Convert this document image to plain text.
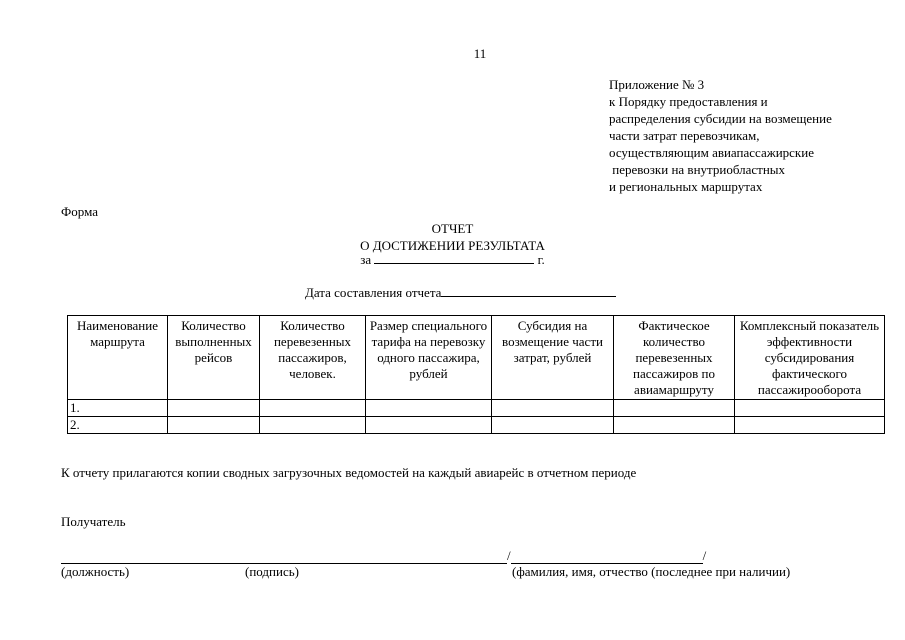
11
Приложение № 3
к Порядку предоставления и
распределения субсидии на возмещение
части затрат перевозчикам,
осуществляющим авиапассажирские
перевозки на внутриобластных
и региональных маршрутах
Форма
ОТЧЕТ
О ДОСТИЖЕНИИ РЕЗУЛЬТАТА
за	г.
Дата составления отчета
Наименование маршрута	Количество выполненных рейсов	Количество перевезенных пассажиров, человек.	Размер специального тарифа на перевозку одного пассажира, рублей	Субсидия на возмещение части затрат, рублей	Фактическое количество перевезенных пассажиров по авиамаршруту	Комплексный показатель эффективности субсидирования фактического пассажирооборота
1.						
2.						
К отчету прилагаются копии сводных загрузочных ведомостей на каждый авиарейс в отчетном периоде
Получатель
/	/
(должность)	(подпись)	(фамилия, имя, отчество (последнее при наличии)
